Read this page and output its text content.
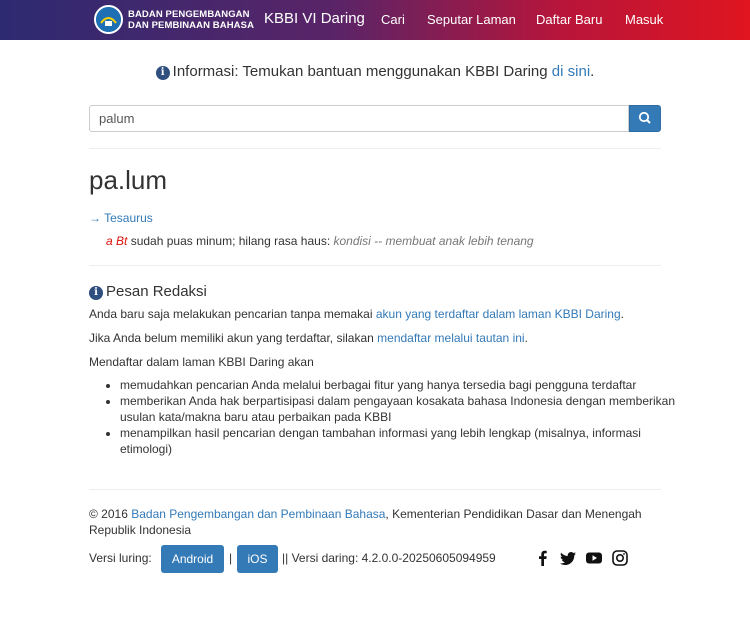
BADAN PENGEMBANGAN
DAN PEMBINAAN BAHASA KBBI VI Daring Cari Seputar Laman Daftar Baru Masuk
i Informasi: Temukan bantuan menggunakan KBBI Daring di sini.
palum
pa.lum
→ Tesaurus
a Bt sudah puas minum; hilang rasa haus: kondisi -- membuat anak lebih tenang
i Pesan Redaksi
Anda baru saja melakukan pencarian tanpa memakai akun yang terdaftar dalam laman KBBI Daring.
Jika Anda belum memiliki akun yang terdaftar, silakan mendaftar melalui tautan ini.
Mendaftar dalam laman KBBI Daring akan
• memudahkan pencarian Anda melalui berbagai fitur yang hanya tersedia bagi pengguna terdaftar
• memberikan Anda hak berpartisipasi dalam pengayaan kosakata bahasa Indonesia dengan memberikan usulan kata/makna baru atau perbaikan pada KBBI
• menampilkan hasil pencarian dengan tambahan informasi yang lebih lengkap (misalnya, informasi etimologi)
© 2016 Badan Pengembangan dan Pembinaan Bahasa, Kementerian Pendidikan Dasar dan Menengah Republik Indonesia
Versi luring:	Android	|	iOS	|| Versi daring: 4.2.0.0-20250605094959
